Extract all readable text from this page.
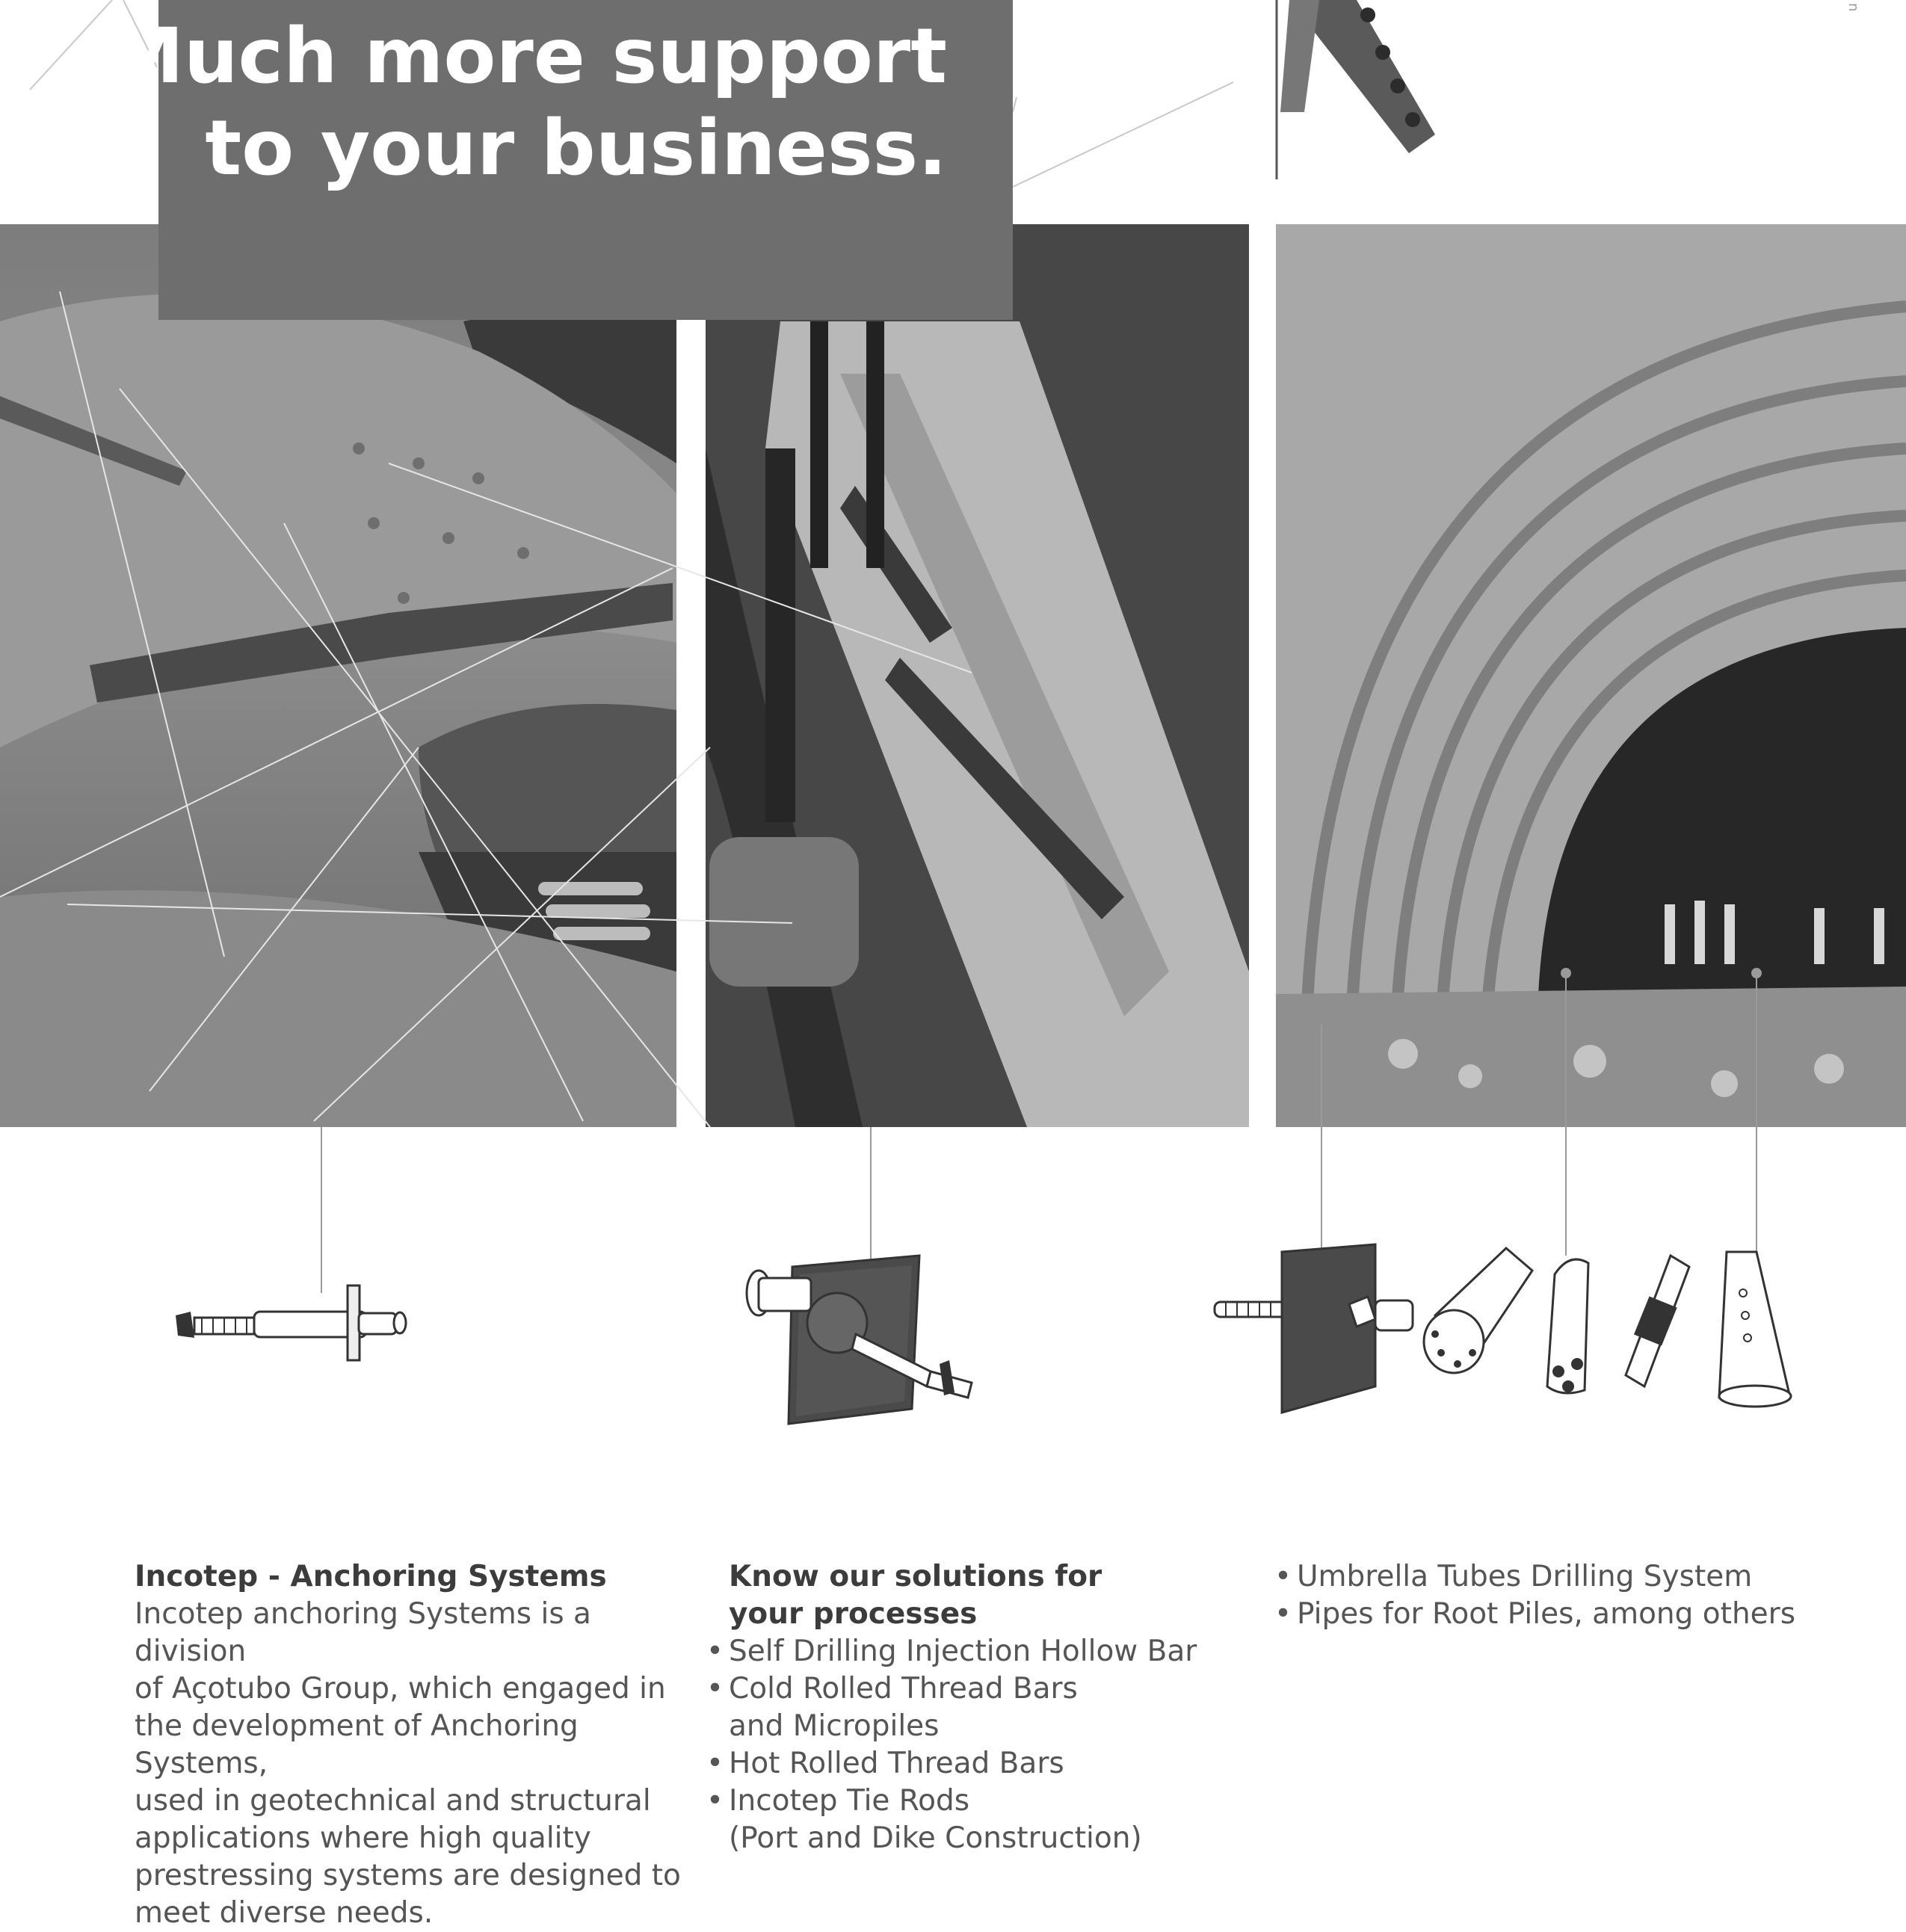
Much more support
to your business.
n
Incotep - Anchoring Systems
Incotep anchoring Systems is a division
of Açotubo Group, which engaged in
the development of Anchoring Systems,
used in geotechnical and structural
applications where high quality
prestressing systems are designed to
meet diverse needs.
Know our solutions for
your processes
• Self Drilling Injection Hollow Bar
• Cold Rolled Thread Bars
and Micropiles
• Hot Rolled Thread Bars
• Incotep Tie Rods
(Port and Dike Construction)
• Umbrella Tubes Drilling System
• Pipes for Root Piles, among others
